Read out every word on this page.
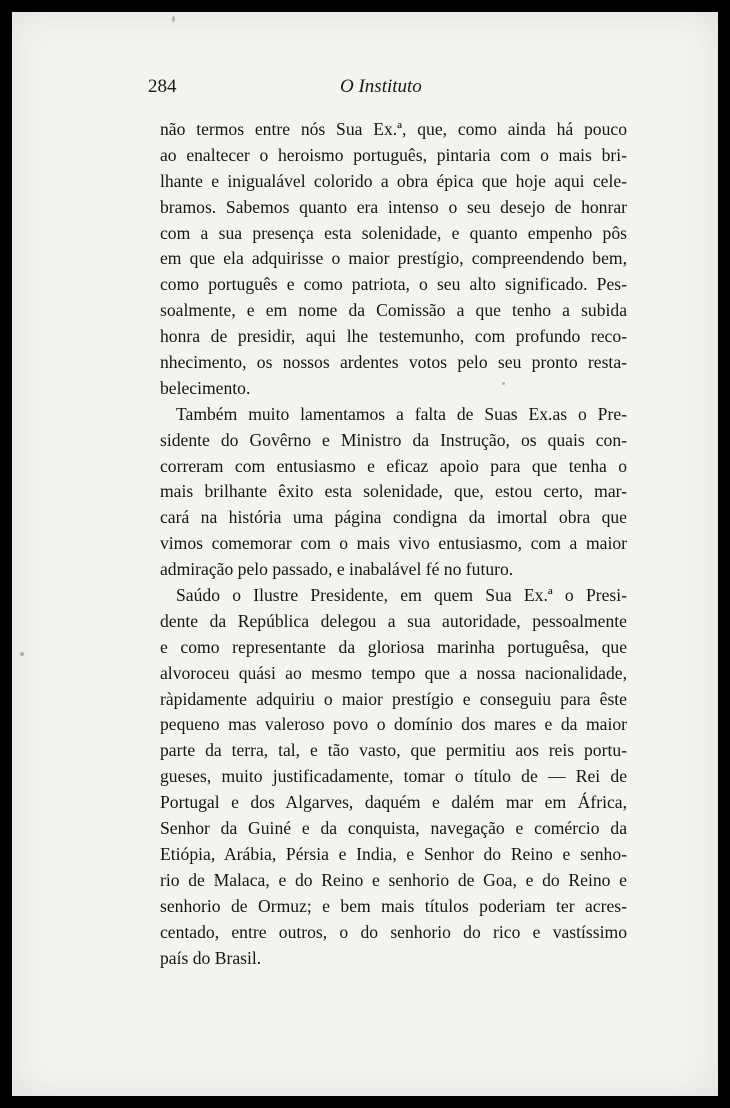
284	O Instituto
não termos entre nós Sua Ex.ª, que, como ainda há pouco
ao enaltecer o heroismo português, pintaria com o mais bri-
lhante e inigualável colorido a obra épica que hoje aqui cele-
bramos. Sabemos quanto era intenso o seu desejo de honrar
com a sua presença esta solenidade, e quanto empenho pôs
em que ela adquirisse o maior prestígio, compreendendo bem,
como português e como patriota, o seu alto significado. Pes-
soalmente, e em nome da Comissão a que tenho a subida
honra de presidir, aqui lhe testemunho, com profundo reco-
nhecimento, os nossos ardentes votos pelo seu pronto resta-
belecimento.
Também muito lamentamos a falta de Suas Ex.as o Pre-
sidente do Govêrno e Ministro da Instrução, os quais con-
correram com entusiasmo e eficaz apoio para que tenha o
mais brilhante êxito esta solenidade, que, estou certo, mar-
cará na história uma página condigna da imortal obra que
vimos comemorar com o mais vivo entusiasmo, com a maior
admiração pelo passado, e inabalável fé no futuro.
Saúdo o Ilustre Presidente, em quem Sua Ex.ª o Presi-
dente da República delegou a sua autoridade, pessoalmente
e como representante da gloriosa marinha portuguêsa, que
alvoroceu quási ao mesmo tempo que a nossa nacionalidade,
ràpidamente adquiriu o maior prestígio e conseguiu para êste
pequeno mas valeroso povo o domínio dos mares e da maior
parte da terra, tal, e tão vasto, que permitiu aos reis portu-
gueses, muito justificadamente, tomar o título de — Rei de
Portugal e dos Algarves, daquém e dalém mar em África,
Senhor da Guiné e da conquista, navegação e comércio da
Etiópia, Arábia, Pérsia e India, e Senhor do Reino e senho-
rio de Malaca, e do Reino e senhorio de Goa, e do Reino e
senhorio de Ormuz; e bem mais títulos poderiam ter acres-
centado, entre outros, o do senhorio do rico e vastíssimo
país do Brasil.
